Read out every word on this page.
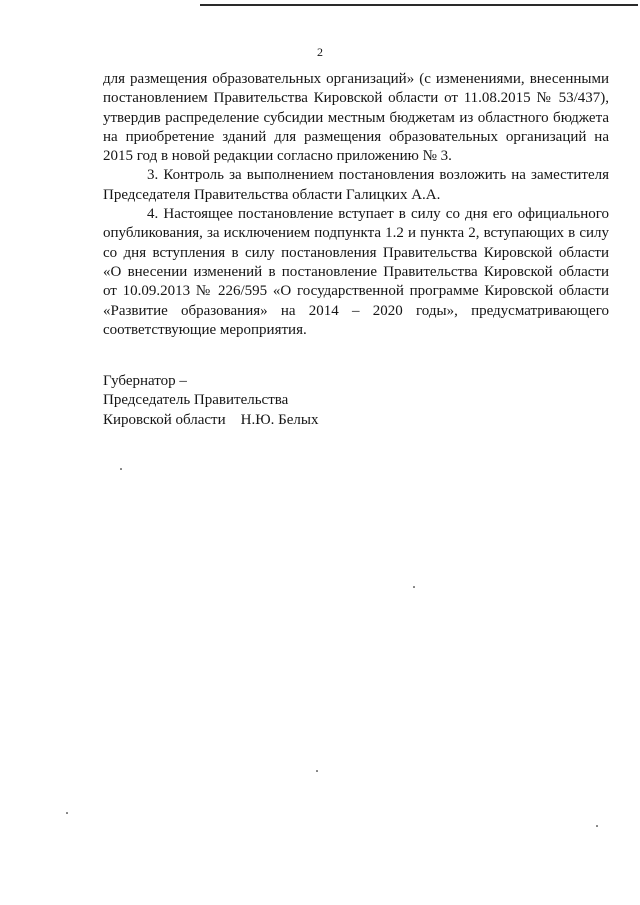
2

для размещения образовательных организаций» (с изменениями, внесенными постановлением Правительства Кировской области от 11.08.2015 № 53/437), утвердив распределение субсидии местным бюджетам из областного бюджета на приобретение зданий для размещения образовательных организаций на 2015 год в новой редакции согласно приложению № 3.

3. Контроль за выполнением постановления возложить на заместителя Председателя Правительства области Галицких А.А.

4. Настоящее постановление вступает в силу со дня его официального опубликования, за исключением подпункта 1.2 и пункта 2, вступающих в силу со дня вступления в силу постановления Правительства Кировской области «О внесении изменений в постановление Правительства Кировской области от 10.09.2013 № 226/595 «О государственной программе Кировской области «Развитие образования» на 2014 – 2020 годы», предусматривающего соответствующие мероприятия.

Губернатор –
Председатель Правительства
Кировской области    Н.Ю. Белых
